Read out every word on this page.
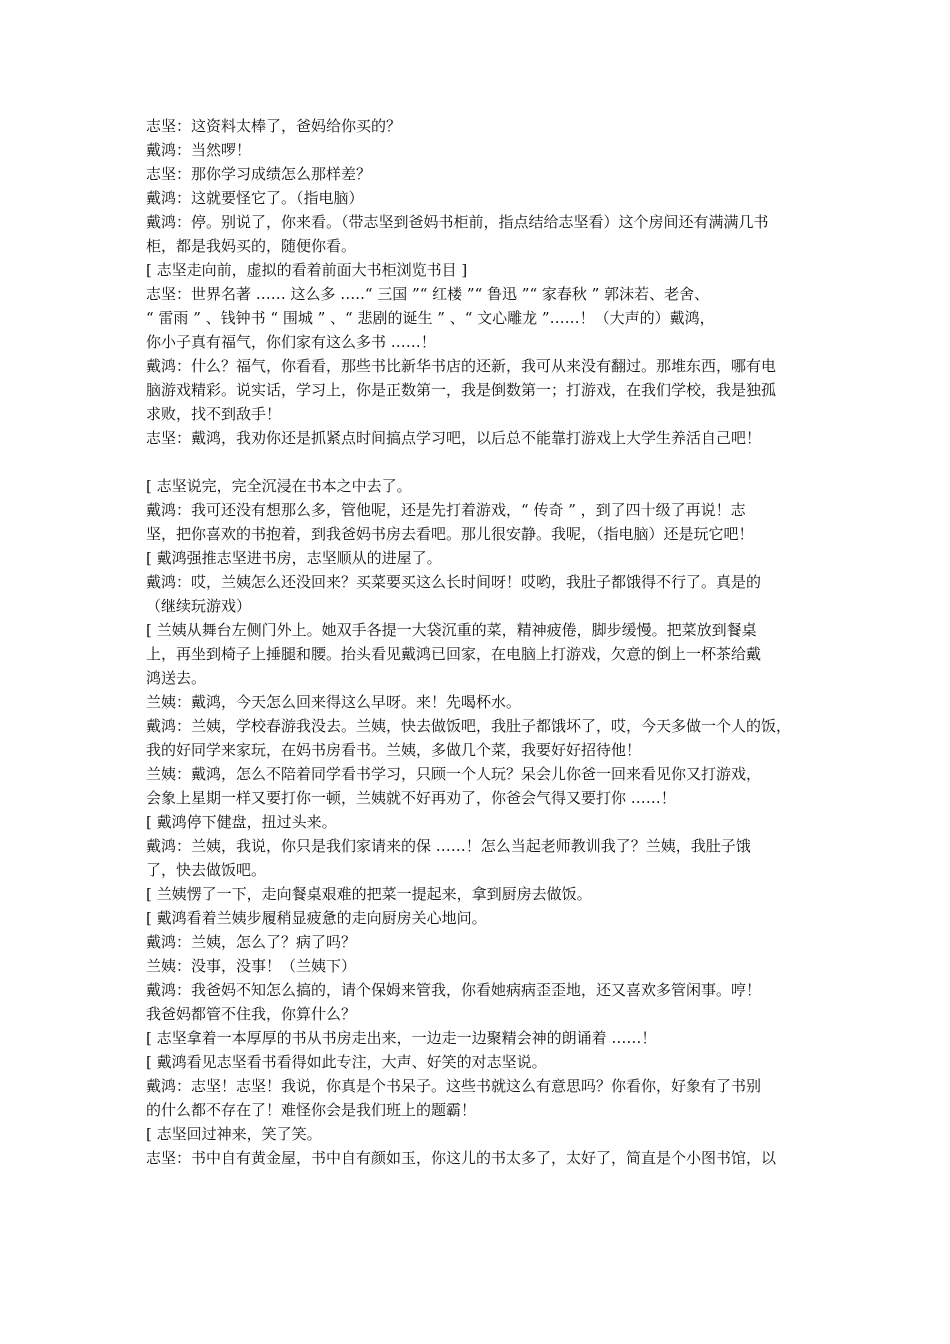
志坚：这资料太棒了，爸妈给你买的？
戴鸿：当然啰！
志坚：那你学习成绩怎么那样差？
戴鸿：这就要怪它了。（指电脑）
戴鸿：停。别说了，你来看。（带志坚到爸妈书柜前，指点结给志坚看）这个房间还有满满几书
柜，都是我妈买的，随便你看。
[ 志坚走向前，虚拟的看着前面大书柜浏览书目 ]
志坚：世界名著 …… 这么多 …..“ 三国 ”“ 红楼 ”“ 鲁迅 ”“ 家春秋 ” 郭沫若、老舍、
“ 雷雨 ” 、钱钟书 “ 围城 ” 、“ 悲剧的诞生 ” 、“ 文心雕龙 ”……！（大声的）戴鸿，
你小子真有福气，你们家有这么多书 ……！
戴鸿：什么？福气，你看看，那些书比新华书店的还新，我可从来没有翻过。那堆东西，哪有电
脑游戏精彩。说实话，学习上，你是正数第一，我是倒数第一；打游戏，在我们学校，我是独孤
求败，找不到敌手！
志坚：戴鸿，我劝你还是抓紧点时间搞点学习吧，以后总不能靠打游戏上大学生养活自己吧！
[ 志坚说完，完全沉浸在书本之中去了。
戴鸿：我可还没有想那么多，管他呢，还是先打着游戏，“ 传奇 ” ，到了四十级了再说！志
坚，把你喜欢的书抱着，到我爸妈书房去看吧。那儿很安静。我呢，（指电脑）还是玩它吧！
[ 戴鸿强推志坚进书房，志坚顺从的进屋了。
戴鸿：哎，兰姨怎么还没回来？买菜要买这么长时间呀！哎哟，我肚子都饿得不行了。真是的
（继续玩游戏）
[ 兰姨从舞台左侧门外上。她双手各提一大袋沉重的菜，精神疲倦，脚步缓慢。把菜放到餐桌
上，再坐到椅子上捶腿和腰。抬头看见戴鸿已回家，在电脑上打游戏，欠意的倒上一杯茶给戴
鸿送去。
兰姨：戴鸿，今天怎么回来得这么早呀。来！先喝杯水。
戴鸿：兰姨，学校春游我没去。兰姨，快去做饭吧，我肚子都饿坏了，哎，今天多做一个人的饭，
我的好同学来家玩，在妈书房看书。兰姨，多做几个菜，我要好好招待他！
兰姨：戴鸿，怎么不陪着同学看书学习，只顾一个人玩？呆会儿你爸一回来看见你又打游戏，
会象上星期一样又要打你一顿，兰姨就不好再劝了，你爸会气得又要打你 ……！
[ 戴鸿停下健盘，扭过头来。
戴鸿：兰姨，我说，你只是我们家请来的保 ……！怎么当起老师教训我了？兰姨，我肚子饿
了，快去做饭吧。
[ 兰姨愣了一下，走向餐桌艰难的把菜一提起来，拿到厨房去做饭。
[ 戴鸿看着兰姨步履稍显疲惫的走向厨房关心地问。
戴鸿：兰姨，怎么了？病了吗？
兰姨：没事，没事！（兰姨下）
戴鸿：我爸妈不知怎么搞的，请个保姆来管我，你看她病病歪歪地，还又喜欢多管闲事。哼！
我爸妈都管不住我，你算什么？
[ 志坚拿着一本厚厚的书从书房走出来，一边走一边聚精会神的朗诵着 ……！
[ 戴鸿看见志坚看书看得如此专注，大声、好笑的对志坚说。
戴鸿：志坚！志坚！我说，你真是个书呆子。这些书就这么有意思吗？你看你，好象有了书别
的什么都不存在了！难怪你会是我们班上的题霸！
[ 志坚回过神来，笑了笑。
志坚：书中自有黄金屋，书中自有颜如玉，你这儿的书太多了，太好了，简直是个小图书馆，以
